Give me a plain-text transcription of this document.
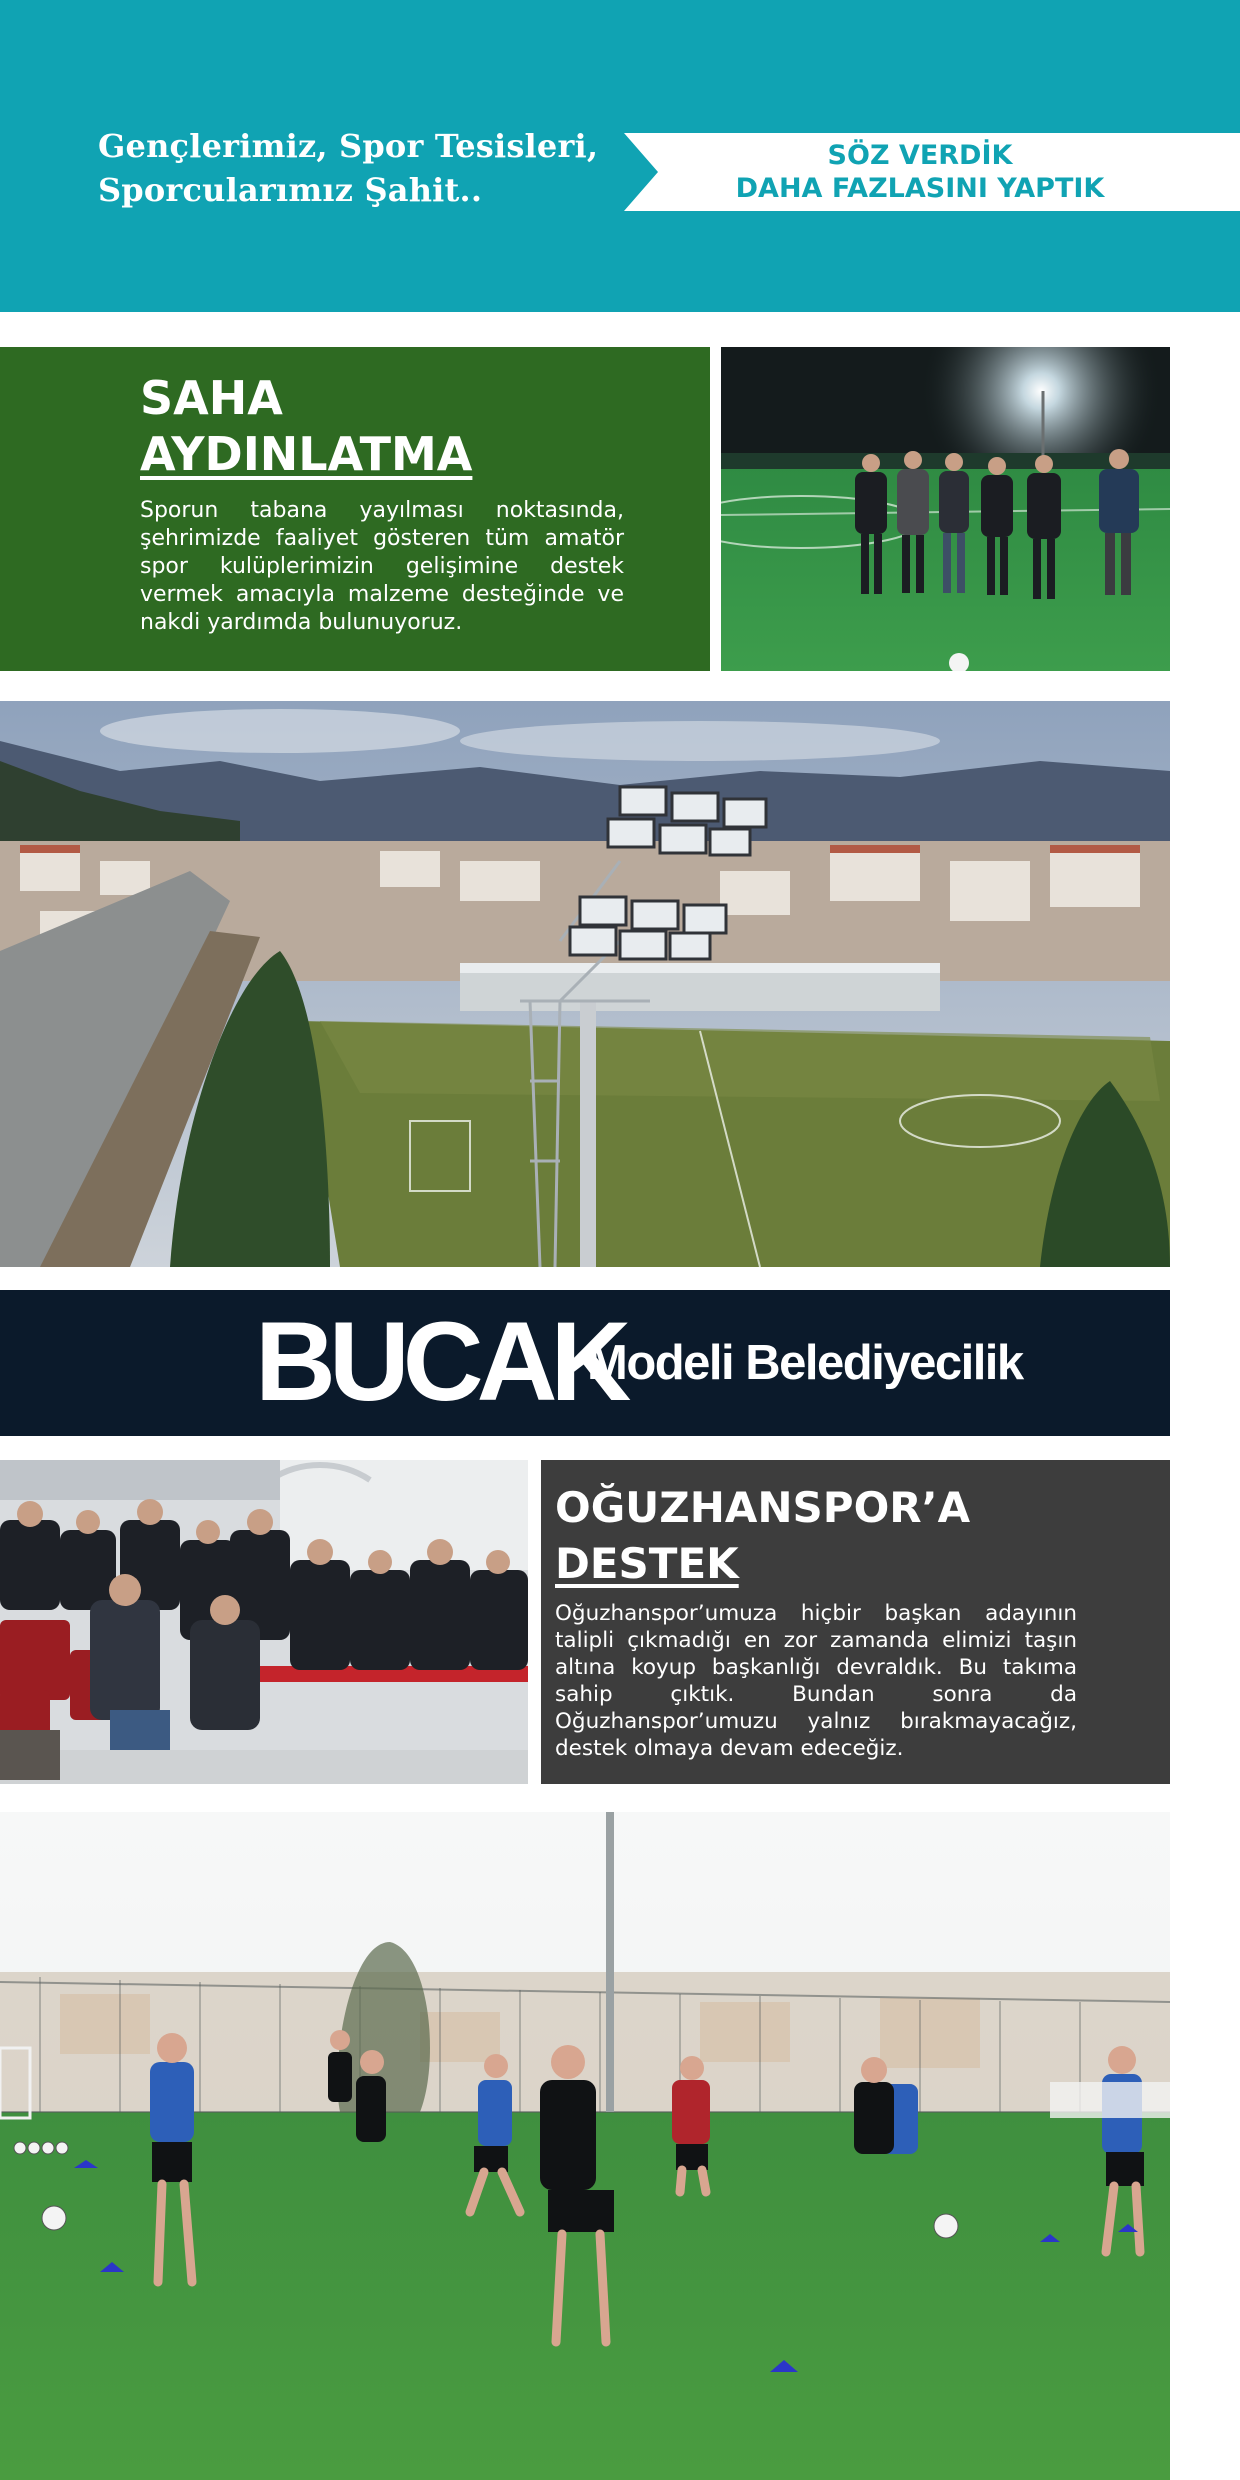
Gençlerimiz, Spor Tesisleri,
Sporcularımız Şahit..
SÖZ VERDİK
DAHA FAZLASINI YAPTIK
SAHA
AYDINLATMA

Sporun tabana yayılması noktasında, şehrimizde faaliyet gösteren tüm amatör spor kulüplerimizin gelişimine destek vermek amacıyla malzeme desteğinde ve nakdi yardımda bulunuyoruz.

BUCAK
Modeli Belediyecilik
OĞUZHANSPOR’A
DESTEK

Oğuzhanspor’umuza hiçbir başkan adayının talipli çıkmadığı en zor zamanda elimizi taşın altına koyup başkanlığı devraldık. Bu takıma sahip çıktık. Bundan sonra da Oğuzhanspor’umuzu yalnız bırakmayacağız, destek olmaya devam edeceğiz.
